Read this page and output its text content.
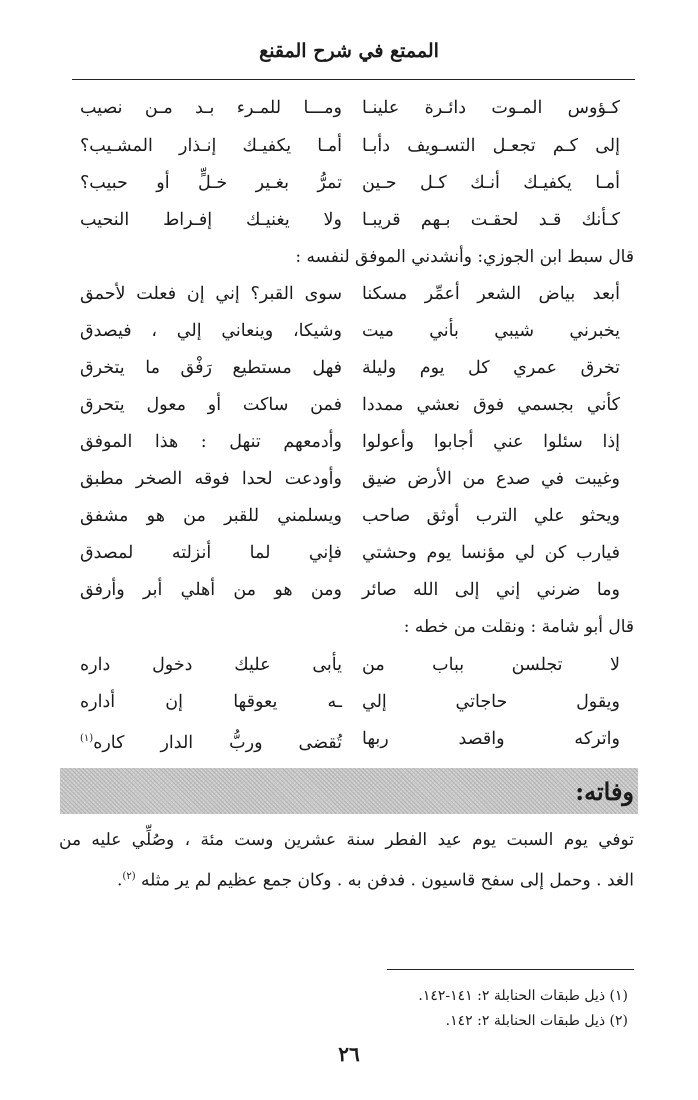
الممتع في شرح المقنع
كـؤوس المـوت دائـرة علينـا
ومـــا للمـرء بـد مـن نصيب
إلى كـم تجعـل التسـويف دأبـا
أمـا يكفيـك إنـذار المشـيب؟
أمـا يكفيـك أنـك كـل حـين
تمرُّ بغـير خـلٍّ أو حبيب؟
كـأنك قـد لحقـت بـهم قريبـا
ولا يغنيـك إفـراط النحيب
قال سبط ابن الجوزي: وأنشدني الموفق لنفسه :
أبعد بياض الشعر أعمِّر مسكنا
سوى القبر؟ إني إن فعلت لأحمق
يخبرني شيبي بأني ميت
وشيكا، وينعاني إلي ، فيصدق
تخرق عمري كل يوم وليلة
فهل مستطيع رَفْق ما يتخرق
كأني بجسمي فوق نعشي ممددا
فمن ساكت أو معول يتحرق
إذا سئلوا عني أجابوا وأعولوا
وأدمعهم تنهل : هذا الموفق
وغيبت في صدع من الأرض ضيق
وأودعت لحدا فوقه الصخر مطبق
ويحثو علي الترب أوثق صاحب
ويسلمني للقبر من هو مشفق
فيارب كن لي مؤنسا يوم وحشتي
فإني لما أنزلته لمصدق
وما ضرني إني إلى الله صائر
ومن هو من أهلي أبر وأرفق
قال أبو شامة : ونقلت من خطه :
لا تجلسن بباب من
يأبى عليك دخول داره
ويقول حاجاتي إلي
ـه يعوقها إن أداره
واتركه واقصد ربها
تُقضى وربُّ الدار كاره$^{(١)}$
وفاته:
توفي يوم السبت يوم عيد الفطر سنة عشرين وست مئة ، وصُلِّي عليه من
الغد . وحمل إلى سفح قاسيون . فدفن به . وكان جمع عظيم لم ير مثله $^{(٢)}$.
(١) ذيل طبقات الحنابلة ٢: ١٤١-١٤٢.
(٢) ذيل طبقات الحنابلة ٢: ١٤٢.
٢٦
